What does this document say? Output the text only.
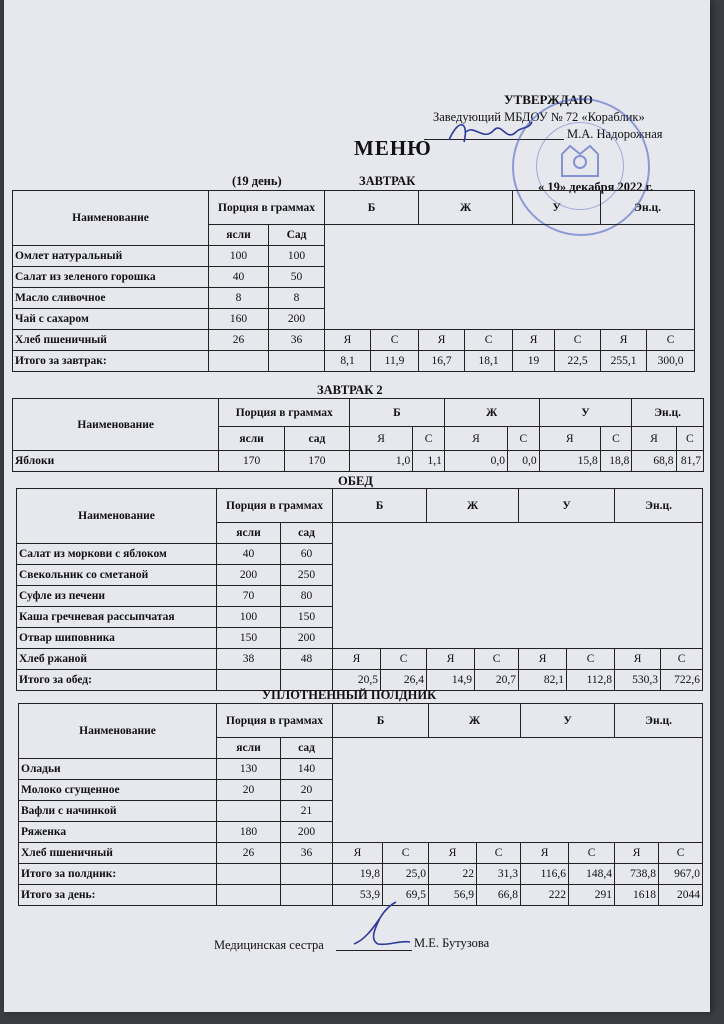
УТВЕРЖДАЮ
Заведующий МБДОУ № 72 «Кораблик»
М.А. Надорожная
МЕНЮ
(19 день)	ЗАВТРАК	« 19» декабря 2022 г.
Наименование	Порция в граммах		Б		Ж		У		Эн.ц.	
	ясли	Сад								
Омлет натуральный	100	100								
Салат из зеленого горошка	40	50								
Масло сливочное	8	8								
Чай с сахаром	160	200								
Хлеб пшеничный	26	36	Я	С	Я	С	Я	С	Я	С
Итого за завтрак:			8,1	11,9	16,7	18,1	19	22,5	255,1	300,0
ЗАВТРАК 2
Наименование	Порция в граммах		Б		Ж		У		Эн.ц.	
	ясли	сад	Я	С	Я	С	Я	С	Я	С
Яблоки	170	170	1,0	1,1	0,0	0,0	15,8	18,8	68,8	81,7
ОБЕД
Наименование	Порция в граммах		Б		Ж		У		Эн.ц.	
	ясли	сад								
Салат из моркови с яблоком	40	60								
Свекольник со сметаной	200	250								
Суфле из печени	70	80								
Каша гречневая рассыпчатая	100	150								
Отвар шиповника	150	200								
Хлеб ржаной	38	48	Я	С	Я	С	Я	С	Я	С
Итого за обед:			20,5	26,4	14,9	20,7	82,1	112,8	530,3	722,6
УПЛОТНЕННЫЙ ПОЛДНИК
Наименование	Порция в граммах		Б		Ж		У		Эн.ц.	
	ясли	сад								
Оладьи	130	140								
Молоко сгущенное	20	20								
Вафли с начинкой		21								
Ряженка	180	200								
Хлеб пшеничный	26	36	Я	С	Я	С	Я	С	Я	С
Итого за полдник:			19,8	25,0	22	31,3	116,6	148,4	738,8	967,0
Итого за день:			53,9	69,5	56,9	66,8	222	291	1618	2044
Медицинская сестра	М.Е. Бутузова
